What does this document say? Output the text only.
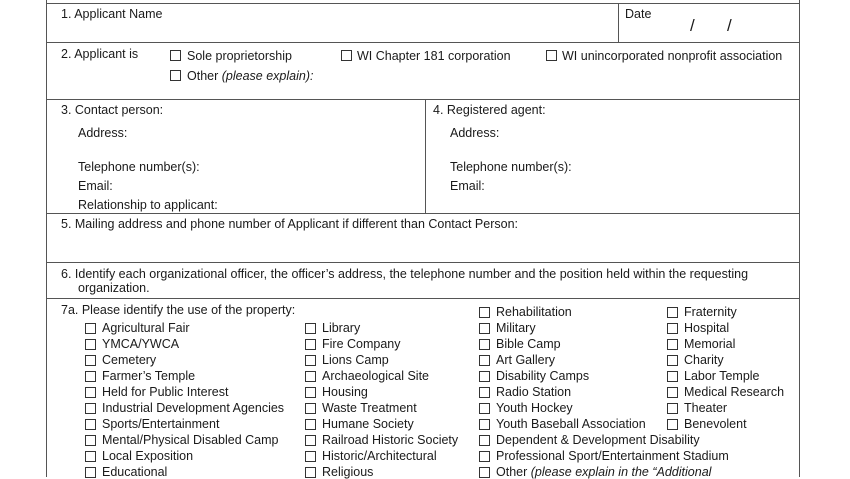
1. Applicant Name	Date
/ /
2. Applicant is	Sole proprietorship	WI Chapter 181 corporation	WI unincorporated nonprofit association
Other (please explain):
3. Contact person:
Address:
Telephone number(s):
Email:
Relationship to applicant:
4. Registered agent:
Address:
Telephone number(s):
Email:
5. Mailing address and phone number of Applicant if different than Contact Person:
6. Identify each organizational officer, the officer’s address, the telephone number and the position held within the requesting
organization.
7a. Please identify the use of the property:
Agricultural Fair
YMCA/YWCA
Cemetery
Farmer’s Temple
Held for Public Interest
Industrial Development Agencies
Sports/Entertainment
Mental/Physical Disabled Camp
Local Exposition
Educational
Library
Fire Company
Lions Camp
Archaeological Site
Housing
Waste Treatment
Humane Society
Railroad Historic Society
Historic/Architectural
Religious
Rehabilitation
Military
Bible Camp
Art Gallery
Disability Camps
Radio Station
Youth Hockey
Youth Baseball Association
Dependent & Development Disability
Professional Sport/Entertainment Stadium
Other (please explain in the “Additional
Fraternity
Hospital
Memorial
Charity
Labor Temple
Medical Research
Theater
Benevolent
